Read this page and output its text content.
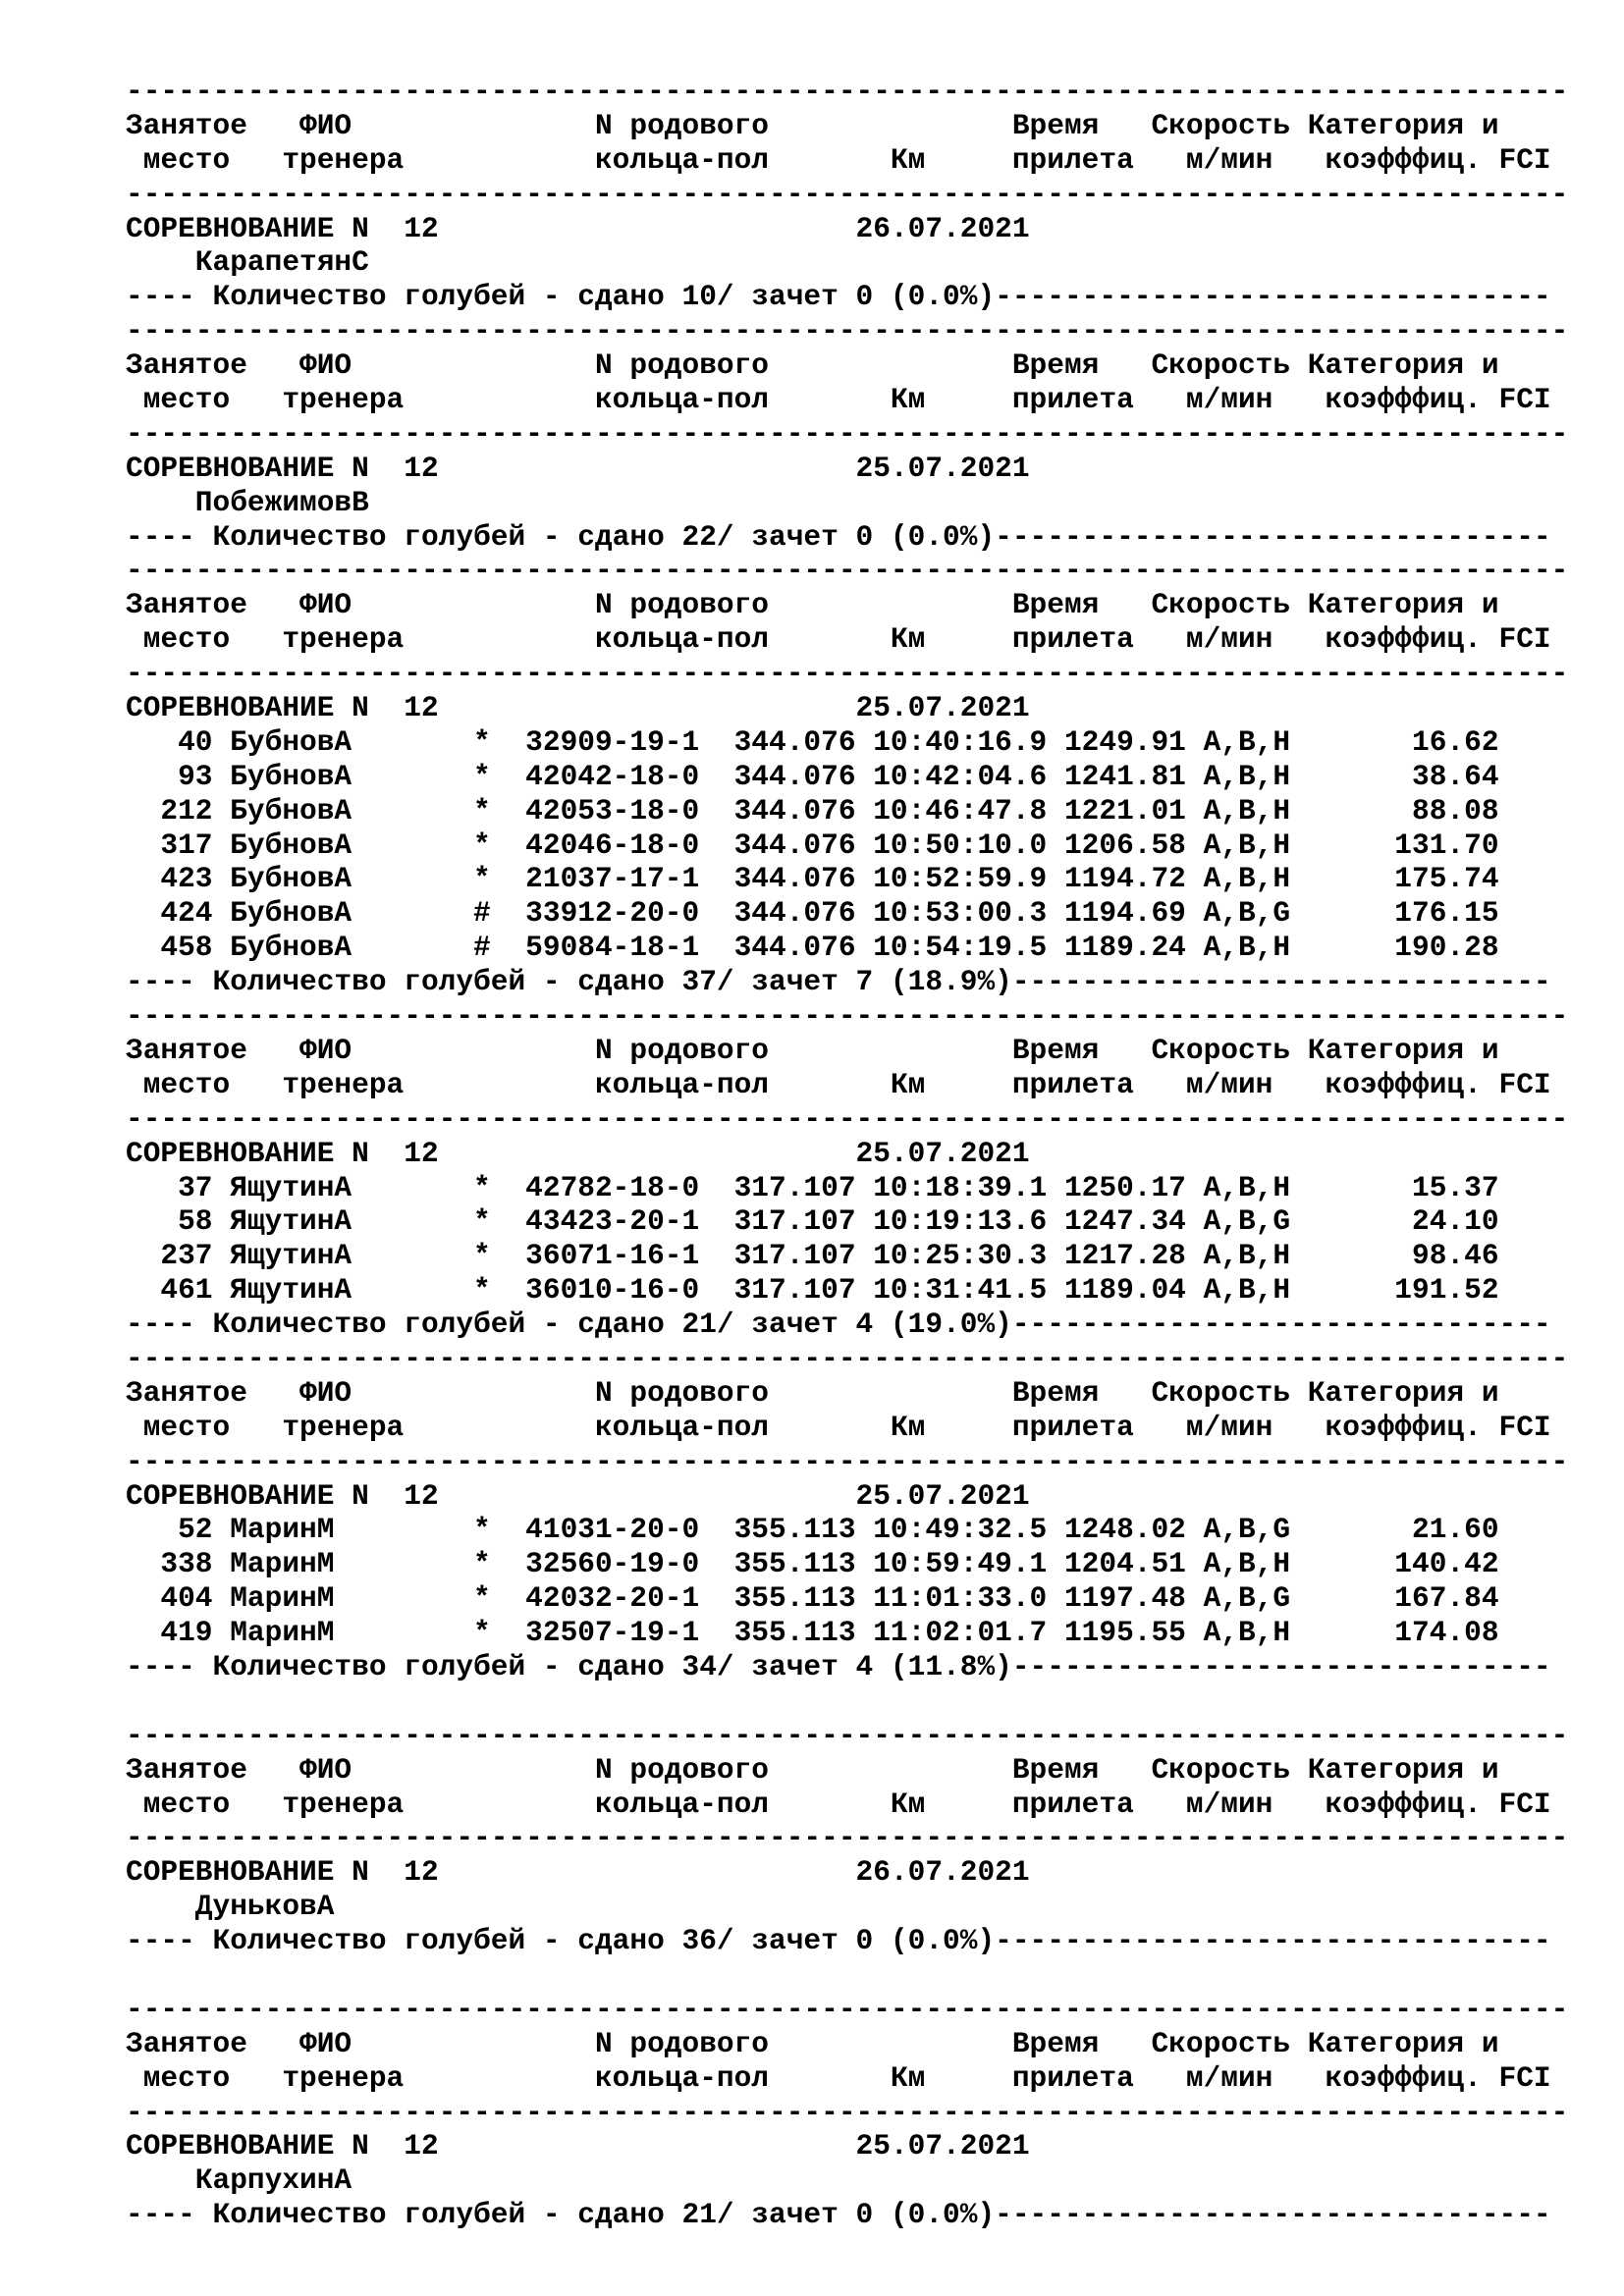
-----------------------------------------------------------------------------------
Занятое   ФИО              N родового              Время   Скорость Категория и
место   тренера           кольца-пол       Км     прилета   м/мин   коэфффиц. FCI
-----------------------------------------------------------------------------------
СОРЕВНОВАНИЕ N  12                        26.07.2021
КарапетянС
---- Количество голубей - сдано 10/ зачет 0 (0.0%)--------------------------------
-----------------------------------------------------------------------------------
Занятое   ФИО              N родового              Время   Скорость Категория и
место   тренера           кольца-пол       Км     прилета   м/мин   коэфффиц. FCI
-----------------------------------------------------------------------------------
СОРЕВНОВАНИЕ N  12                        25.07.2021
ПобежимовВ
---- Количество голубей - сдано 22/ зачет 0 (0.0%)--------------------------------
-----------------------------------------------------------------------------------
Занятое   ФИО              N родового              Время   Скорость Категория и
место   тренера           кольца-пол       Км     прилета   м/мин   коэфффиц. FCI
-----------------------------------------------------------------------------------
СОРЕВНОВАНИЕ N  12                        25.07.2021
40 БубновА       *  32909-19-1  344.076 10:40:16.9 1249.91 A,B,H       16.62
93 БубновА       *  42042-18-0  344.076 10:42:04.6 1241.81 A,B,H       38.64
212 БубновА       *  42053-18-0  344.076 10:46:47.8 1221.01 A,B,H       88.08
317 БубновА       *  42046-18-0  344.076 10:50:10.0 1206.58 A,B,H      131.70
423 БубновА       *  21037-17-1  344.076 10:52:59.9 1194.72 A,B,H      175.74
424 БубновА       #  33912-20-0  344.076 10:53:00.3 1194.69 A,B,G      176.15
458 БубновА       #  59084-18-1  344.076 10:54:19.5 1189.24 A,B,H      190.28
---- Количество голубей - сдано 37/ зачет 7 (18.9%)-------------------------------
-----------------------------------------------------------------------------------
Занятое   ФИО              N родового              Время   Скорость Категория и
место   тренера           кольца-пол       Км     прилета   м/мин   коэфффиц. FCI
-----------------------------------------------------------------------------------
СОРЕВНОВАНИЕ N  12                        25.07.2021
37 ЯщутинА       *  42782-18-0  317.107 10:18:39.1 1250.17 A,B,H       15.37
58 ЯщутинА       *  43423-20-1  317.107 10:19:13.6 1247.34 A,B,G       24.10
237 ЯщутинА       *  36071-16-1  317.107 10:25:30.3 1217.28 A,B,H       98.46
461 ЯщутинА       *  36010-16-0  317.107 10:31:41.5 1189.04 A,B,H      191.52
---- Количество голубей - сдано 21/ зачет 4 (19.0%)-------------------------------
-----------------------------------------------------------------------------------
Занятое   ФИО              N родового              Время   Скорость Категория и
место   тренера           кольца-пол       Км     прилета   м/мин   коэфффиц. FCI
-----------------------------------------------------------------------------------
СОРЕВНОВАНИЕ N  12                        25.07.2021
52 МаринМ        *  41031-20-0  355.113 10:49:32.5 1248.02 A,B,G       21.60
338 МаринМ        *  32560-19-0  355.113 10:59:49.1 1204.51 A,B,H      140.42
404 МаринМ        *  42032-20-1  355.113 11:01:33.0 1197.48 A,B,G      167.84
419 МаринМ        *  32507-19-1  355.113 11:02:01.7 1195.55 A,B,H      174.08
---- Количество голубей - сдано 34/ зачет 4 (11.8%)-------------------------------
-----------------------------------------------------------------------------------
Занятое   ФИО              N родового              Время   Скорость Категория и
место   тренера           кольца-пол       Км     прилета   м/мин   коэфффиц. FCI
-----------------------------------------------------------------------------------
СОРЕВНОВАНИЕ N  12                        26.07.2021
ДуньковА
---- Количество голубей - сдано 36/ зачет 0 (0.0%)--------------------------------
-----------------------------------------------------------------------------------
Занятое   ФИО              N родового              Время   Скорость Категория и
место   тренера           кольца-пол       Км     прилета   м/мин   коэфффиц. FCI
-----------------------------------------------------------------------------------
СОРЕВНОВАНИЕ N  12                        25.07.2021
КарпухинА
---- Количество голубей - сдано 21/ зачет 0 (0.0%)--------------------------------
